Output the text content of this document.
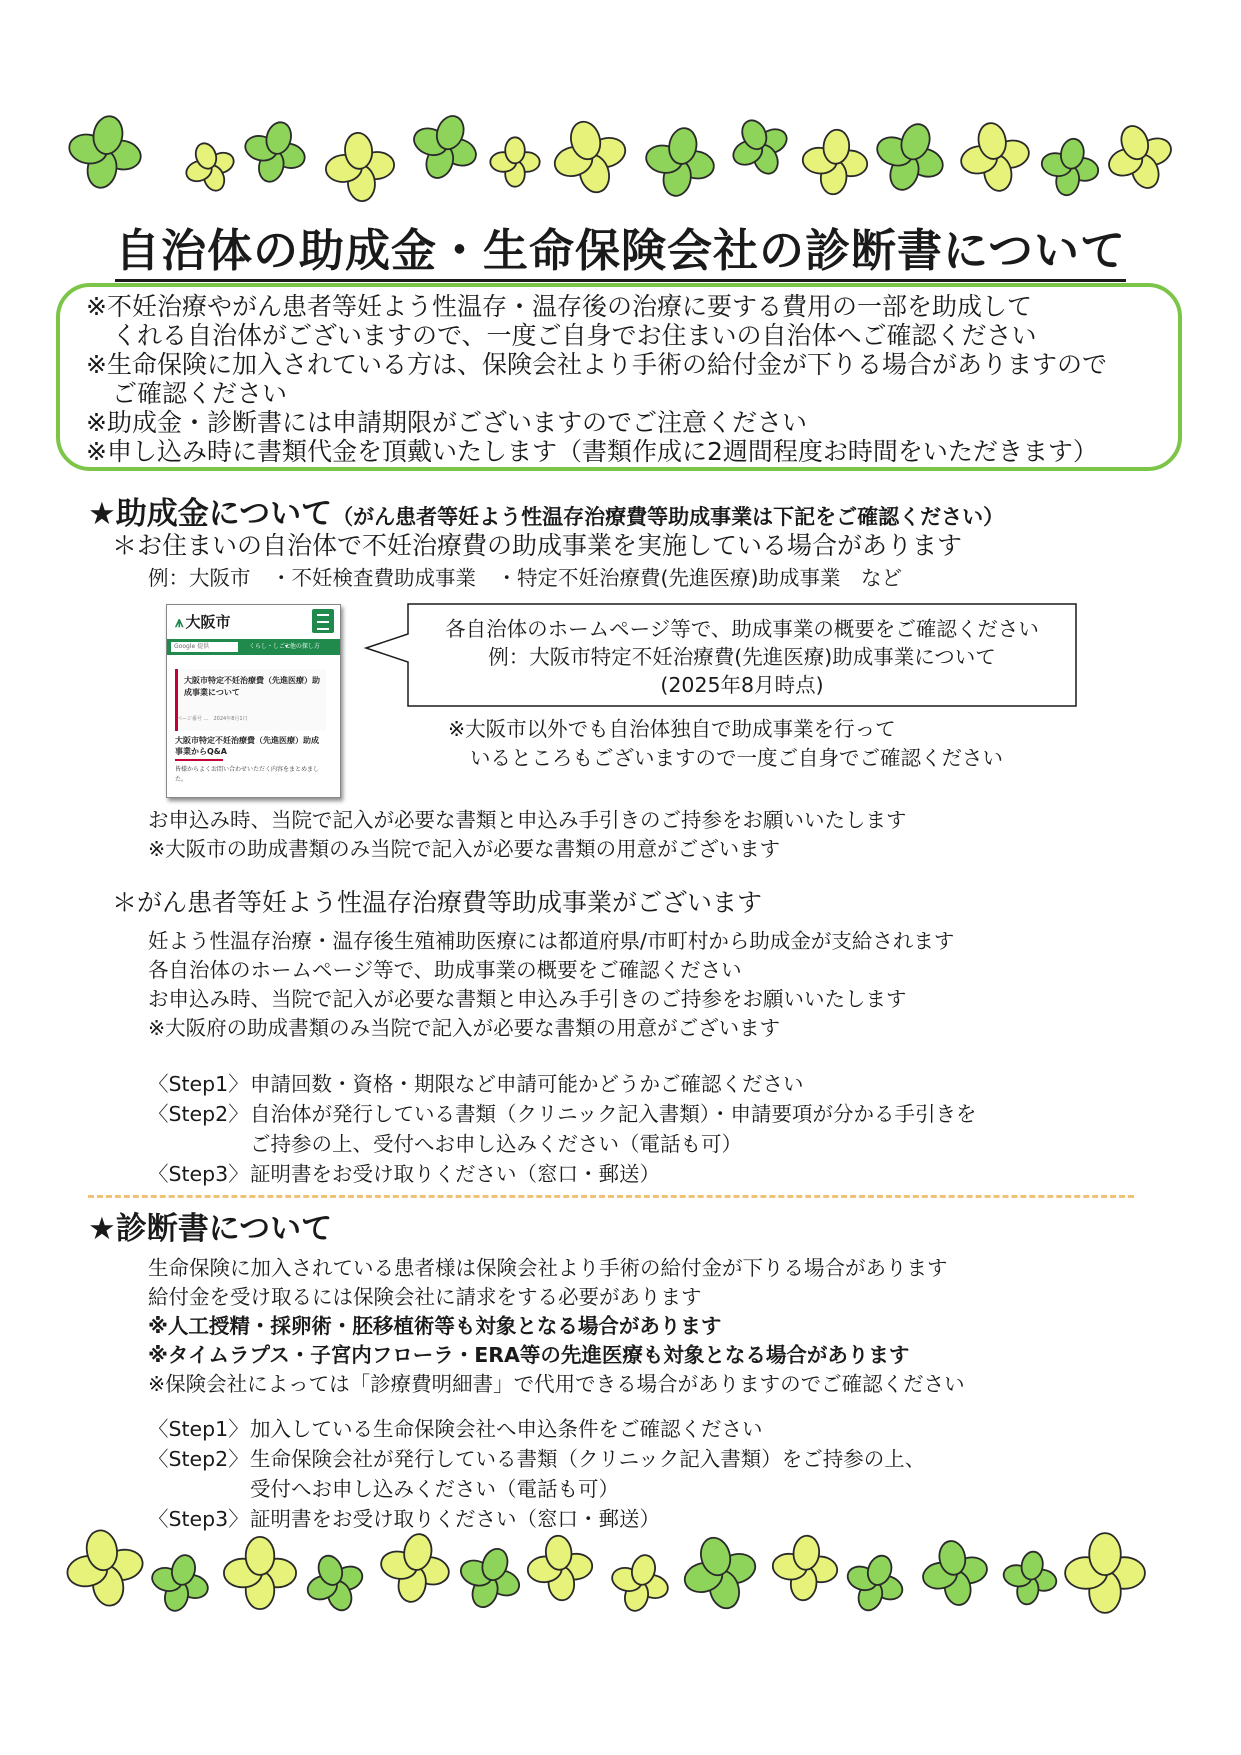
自治体の助成金・生命保険会社の診断書について
※不妊治療やがん患者等妊よう性温存・温存後の治療に要する費用の一部を助成して
くれる自治体がございますので、一度ご自身でお住まいの自治体へご確認ください
※生命保険に加入されている方は、保険会社より手術の給付金が下りる場合がありますので
ご確認ください
※助成金・診断書には申請期限がございますのでご注意ください
※申し込み時に書類代金を頂戴いたします（書類作成に2週間程度お時間をいただきます）
★助成金について（がん患者等妊よう性温存治療費等助成事業は下記をご確認ください）
＊お住まいの自治体で不妊治療費の助成事業を実施している場合があります
例：大阪市　・不妊検査費助成事業　・特定不妊治療費(先進医療)助成事業　など
⩚ 大阪市
Google 提供	くらし・しごと
▾ 他の探し方
大阪市特定不妊治療費（先進医療）助成事業について
ページ番号 …　2024年8月1日
大阪市特定不妊治療費（先進医療）助成事業からQ&A
皆様からよくお問い合わせいただく内容をまとめました。
各自治体のホームページ等で、助成事業の概要をご確認ください
例：大阪市特定不妊治療費(先進医療)助成事業について
(2025年8月時点)
※大阪市以外でも自治体独自で助成事業を行って
いるところもございますので一度ご自身でご確認ください
お申込み時、当院で記入が必要な書類と申込み手引きのご持参をお願いいたします
※大阪市の助成書類のみ当院で記入が必要な書類の用意がございます
＊がん患者等妊よう性温存治療費等助成事業がございます
妊よう性温存治療・温存後生殖補助医療には都道府県/市町村から助成金が支給されます
各自治体のホームページ等で、助成事業の概要をご確認ください
お申込み時、当院で記入が必要な書類と申込み手引きのご持参をお願いいたします
※大阪府の助成書類のみ当院で記入が必要な書類の用意がございます
〈Step1〉申請回数・資格・期限など申請可能かどうかご確認ください
〈Step2〉自治体が発行している書類（クリニック記入書類）・申請要項が分かる手引きを
ご持参の上、受付へお申し込みください（電話も可）
〈Step3〉証明書をお受け取りください（窓口・郵送）
★診断書について
生命保険に加入されている患者様は保険会社より手術の給付金が下りる場合があります
給付金を受け取るには保険会社に請求をする必要があります
※人工授精・採卵術・胚移植術等も対象となる場合があります
※タイムラプス・子宮内フローラ・ERA等の先進医療も対象となる場合があります
※保険会社によっては「診療費明細書」で代用できる場合がありますのでご確認ください
〈Step1〉加入している生命保険会社へ申込条件をご確認ください
〈Step2〉生命保険会社が発行している書類（クリニック記入書類）をご持参の上、
受付へお申し込みください（電話も可）
〈Step3〉証明書をお受け取りください（窓口・郵送）
